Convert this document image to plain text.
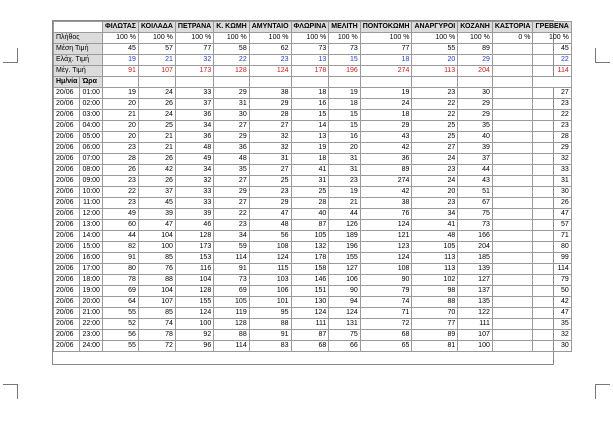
		ΦΙΛΩΤΑΣ	ΚΟΙΛΑΔΑ	ΠΕΤΡΑΝΑ	Κ. ΚΩΜΗ	ΑΜΥΝΤΑΙΟ	ΦΛΩΡΙΝΑ	ΜΕΛΙΤΗ	ΠΟΝΤΟΚΩΜΗ	ΑΝΑΡΓΥΡΟΙ	ΚΟΖΑΝΗ	ΚΑΣΤΟΡΙΑ	ΓΡΕΒΕΝΑ
Πλήθος		100 %	100 %	100 %	100 %	100 %	100 %	100 %	100 %	100 %	100 %	0 %	100 %
Μέση Τιμή		45	57	77	58	62	73	73	77	55	89		45
Ελάχ. Τιμή		19	21	32	22	23	13	15	18	20	29		22
Μέγ. Τιμή		91	107	173	128	124	178	196	274	113	204		114
Ημ/νία	Ώρα												
20/06	01:00	19	24	33	29	38	18	19	19	23	30		27
20/06	02:00	20	26	37	31	29	16	18	24	22	29		23
20/06	03:00	21	24	36	30	28	15	15	18	22	29		22
20/06	04:00	20	25	34	27	27	14	15	29	25	35		23
20/06	05:00	20	21	36	29	32	13	16	43	25	40		28
20/06	06:00	23	21	48	36	32	19	20	42	27	39		29
20/06	07:00	28	26	49	48	31	18	31	36	24	37		32
20/06	08:00	26	42	34	35	27	41	31	89	23	44		33
20/06	09:00	23	26	32	27	25	31	23	274	24	43		31
20/06	10:00	22	37	33	29	23	25	19	42	20	51		30
20/06	11:00	23	45	33	27	29	28	21	38	23	67		26
20/06	12:00	49	39	39	22	47	40	44	76	34	75		47
20/06	13:00	60	47	46	23	48	87	126	124	41	73		57
20/06	14:00	44	104	128	34	56	105	189	121	48	166		71
20/06	15:00	82	100	173	59	108	132	196	123	105	204		80
20/06	16:00	91	85	153	114	124	178	155	124	113	185		99
20/06	17:00	80	76	116	91	115	158	127	108	113	139		114
20/06	18:00	78	88	104	73	103	146	106	90	102	127		79
20/06	19:00	69	104	128	69	106	151	90	79	98	137		50
20/06	20:00	64	107	155	105	101	130	94	74	88	135		42
20/06	21:00	55	85	124	119	95	124	124	71	70	122		47
20/06	22:00	52	74	100	128	88	111	131	72	77	111		35
20/06	23:00	56	78	92	88	91	87	75	68	89	107		32
20/06	24:00	55	72	96	114	83	68	66	65	81	100		30
